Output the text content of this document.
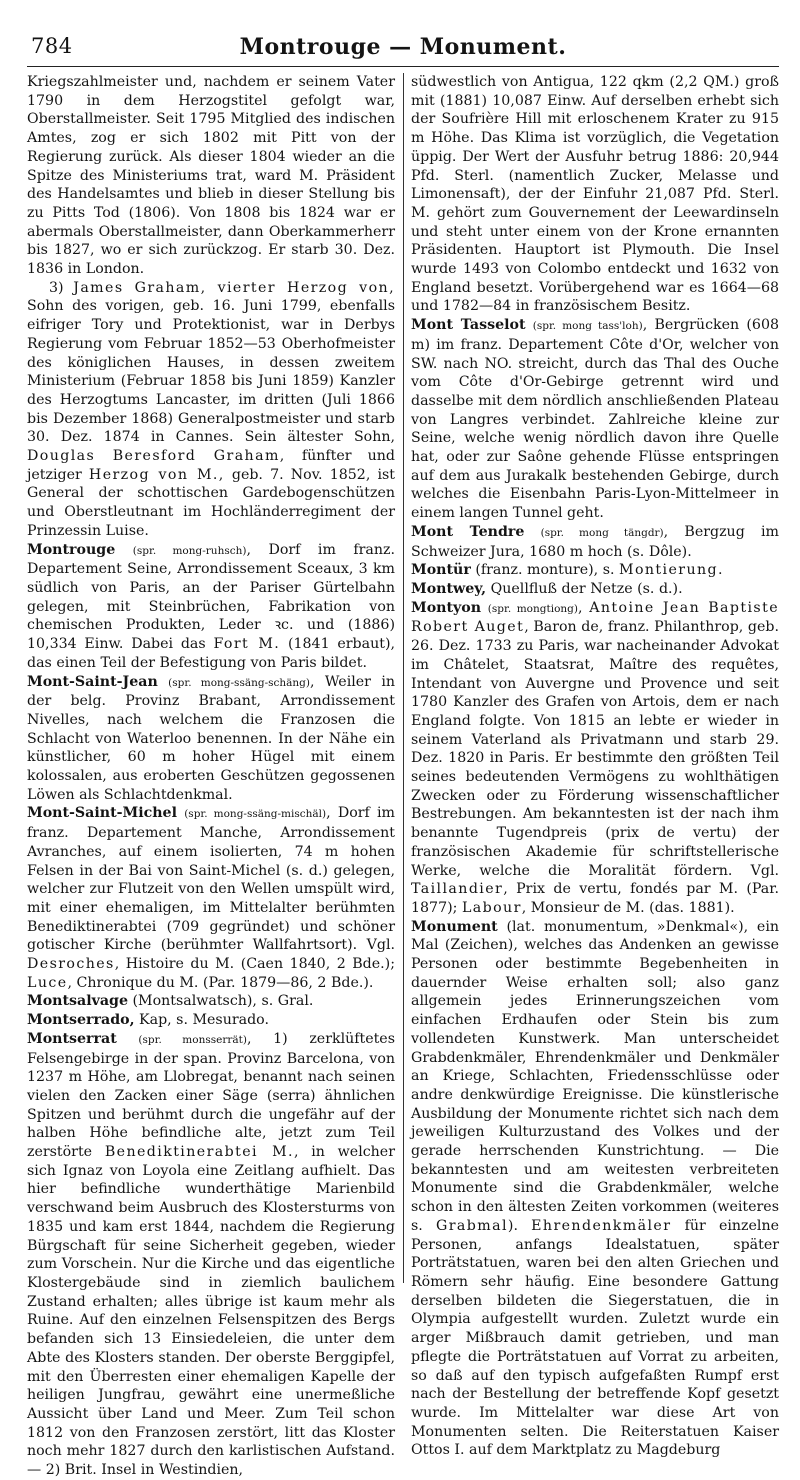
784	Montrouge — Monument.

Kriegszahlmeister und, nachdem er seinem Vater 1790 in dem Herzogstitel gefolgt war, Oberstallmeister. Seit 1795 Mitglied des indischen Amtes, zog er sich 1802 mit Pitt von der Regierung zurück. Als dieser 1804 wieder an die Spitze des Ministeriums trat, ward M. Präsident des Handelsamtes und blieb in dieser Stellung bis zu Pitts Tod (1806). Von 1808 bis 1824 war er abermals Oberstallmeister, dann Oberkammerherr bis 1827, wo er sich zurückzog. Er starb 30. Dez. 1836 in London.

3) James Graham, vierter Herzog von, Sohn des vorigen, geb. 16. Juni 1799, ebenfalls eifriger Tory und Protektionist, war in Derbys Regierung vom Februar 1852—53 Oberhofmeister des königlichen Hauses, in dessen zweitem Ministerium (Februar 1858 bis Juni 1859) Kanzler des Herzogtums Lancaster, im dritten (Juli 1866 bis Dezember 1868) Generalpostmeister und starb 30. Dez. 1874 in Cannes. Sein ältester Sohn, Douglas Beresford Graham, fünfter und jetziger Herzog von M., geb. 7. Nov. 1852, ist General der schottischen Gardebogenschützen und Oberstleutnant im Hochländerregiment der Prinzessin Luise.

Montrouge (spr. mong-ruhsch), Dorf im franz. Departement Seine, Arrondissement Sceaux, 3 km südlich von Paris, an der Pariser Gürtelbahn gelegen, mit Steinbrüchen, Fabrikation von chemischen Produkten, Leder ꝛc. und (1886) 10,334 Einw. Dabei das Fort M. (1841 erbaut), das einen Teil der Befestigung von Paris bildet.

Mont-Saint-Jean (spr. mong-ssäng-schäng), Weiler in der belg. Provinz Brabant, Arrondissement Nivelles, nach welchem die Franzosen die Schlacht von Waterloo benennen. In der Nähe ein künstlicher, 60 m hoher Hügel mit einem kolossalen, aus eroberten Geschützen gegossenen Löwen als Schlachtdenkmal.

Mont-Saint-Michel (spr. mong-ssäng-mischäl), Dorf im franz. Departement Manche, Arrondissement Avranches, auf einem isolierten, 74 m hohen Felsen in der Bai von Saint-Michel (s. d.) gelegen, welcher zur Flutzeit von den Wellen umspült wird, mit einer ehemaligen, im Mittelalter berühmten Benediktinerabtei (709 gegründet) und schöner gotischer Kirche (berühmter Wallfahrtsort). Vgl. Desroches, Histoire du M. (Caen 1840, 2 Bde.); Luce, Chronique du M. (Par. 1879—86, 2 Bde.).

Montsalvage (Montsalwatsch), s. Gral.

Montserrado, Kap, s. Mesurado.

Montserrat (spr. monsserrät), 1) zerklüftetes Felsengebirge in der span. Provinz Barcelona, von 1237 m Höhe, am Llobregat, benannt nach seinen vielen den Zacken einer Säge (serra) ähnlichen Spitzen und berühmt durch die ungefähr auf der halben Höhe befindliche alte, jetzt zum Teil zerstörte Benediktinerabtei M., in welcher sich Ignaz von Loyola eine Zeitlang aufhielt. Das hier befindliche wunderthätige Marienbild verschwand beim Ausbruch des Klostersturms von 1835 und kam erst 1844, nachdem die Regierung Bürgschaft für seine Sicherheit gegeben, wieder zum Vorschein. Nur die Kirche und das eigentliche Klostergebäude sind in ziemlich baulichem Zustand erhalten; alles übrige ist kaum mehr als Ruine. Auf den einzelnen Felsenspitzen des Bergs befanden sich 13 Einsiedeleien, die unter dem Abte des Klosters standen. Der oberste Berggipfel, mit den Überresten einer ehemaligen Kapelle der heiligen Jungfrau, gewährt eine unermeßliche Aussicht über Land und Meer. Zum Teil schon 1812 von den Franzosen zerstört, litt das Kloster noch mehr 1827 durch den karlistischen Aufstand. — 2) Brit. Insel in Westindien,

südwestlich von Antigua, 122 qkm (2,2 QM.) groß mit (1881) 10,087 Einw. Auf derselben erhebt sich der Soufrière Hill mit erloschenem Krater zu 915 m Höhe. Das Klima ist vorzüglich, die Vegetation üppig. Der Wert der Ausfuhr betrug 1886: 20,944 Pfd. Sterl. (namentlich Zucker, Melasse und Limonensaft), der der Einfuhr 21,087 Pfd. Sterl. M. gehört zum Gouvernement der Leewardinseln und steht unter einem von der Krone ernannten Präsidenten. Hauptort ist Plymouth. Die Insel wurde 1493 von Colombo entdeckt und 1632 von England besetzt. Vorübergehend war es 1664—68 und 1782—84 in französischem Besitz.

Mont Tasselot (spr. mong tass'loh), Bergrücken (608 m) im franz. Departement Côte d'Or, welcher von SW. nach NO. streicht, durch das Thal des Ouche vom Côte d'Or-Gebirge getrennt wird und dasselbe mit dem nördlich anschließenden Plateau von Langres verbindet. Zahlreiche kleine zur Seine, welche wenig nördlich davon ihre Quelle hat, oder zur Saône gehende Flüsse entspringen auf dem aus Jurakalk bestehenden Gebirge, durch welches die Eisenbahn Paris-Lyon-Mittelmeer in einem langen Tunnel geht.

Mont Tendre (spr. mong tängdr), Bergzug im Schweizer Jura, 1680 m hoch (s. Dôle).

Montür (franz. monture), s. Montierung.

Montwey, Quellfluß der Netze (s. d.).

Montyon (spr. mongtiong), Antoine Jean Baptiste Robert Auget, Baron de, franz. Philanthrop, geb. 26. Dez. 1733 zu Paris, war nacheinander Advokat im Châtelet, Staatsrat, Maître des requêtes, Intendant von Auvergne und Provence und seit 1780 Kanzler des Grafen von Artois, dem er nach England folgte. Von 1815 an lebte er wieder in seinem Vaterland als Privatmann und starb 29. Dez. 1820 in Paris. Er bestimmte den größten Teil seines bedeutenden Vermögens zu wohlthätigen Zwecken oder zu Förderung wissenschaftlicher Bestrebungen. Am bekanntesten ist der nach ihm benannte Tugendpreis (prix de vertu) der französischen Akademie für schriftstellerische Werke, welche die Moralität fördern. Vgl. Taillandier, Prix de vertu, fondés par M. (Par. 1877); Labour, Monsieur de M. (das. 1881).

Monument (lat. monumentum, »Denkmal«), ein Mal (Zeichen), welches das Andenken an gewisse Personen oder bestimmte Begebenheiten in dauernder Weise erhalten soll; also ganz allgemein jedes Erinnerungszeichen vom einfachen Erdhaufen oder Stein bis zum vollendeten Kunstwerk. Man unterscheidet Grabdenkmäler, Ehrendenkmäler und Denkmäler an Kriege, Schlachten, Friedensschlüsse oder andre denkwürdige Ereignisse. Die künstlerische Ausbildung der Monumente richtet sich nach dem jeweiligen Kulturzustand des Volkes und der gerade herrschenden Kunstrichtung. — Die bekanntesten und am weitesten verbreiteten Monumente sind die Grabdenkmäler, welche schon in den ältesten Zeiten vorkommen (weiteres s. Grabmal). Ehrendenkmäler für einzelne Personen, anfangs Idealstatuen, später Porträtstatuen, waren bei den alten Griechen und Römern sehr häufig. Eine besondere Gattung derselben bildeten die Siegerstatuen, die in Olympia aufgestellt wurden. Zuletzt wurde ein arger Mißbrauch damit getrieben, und man pflegte die Porträtstatuen auf Vorrat zu arbeiten, so daß auf den typisch aufgefaßten Rumpf erst nach der Bestellung der betreffende Kopf gesetzt wurde. Im Mittelalter war diese Art von Monumenten selten. Die Reiterstatuen Kaiser Ottos I. auf dem Marktplatz zu Magdeburg
